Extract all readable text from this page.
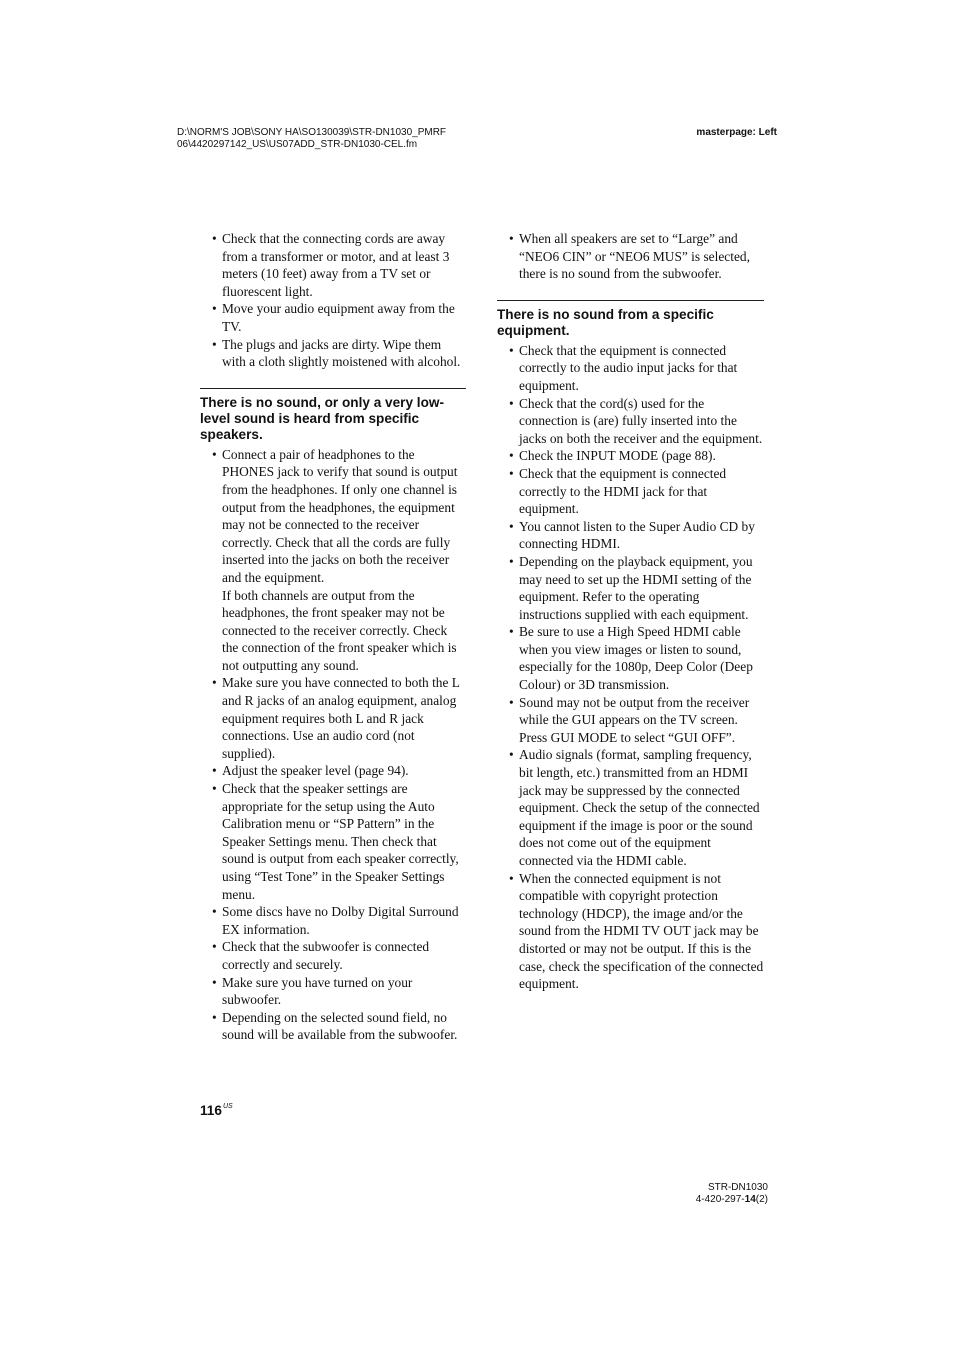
D:\NORM'S JOB\SONY HA\SO130039\STR-DN1030_PMRF
06\4420297142_US\US07ADD_STR-DN1030-CEL.fm
masterpage: Left
• Check that the connecting cords are away from a transformer or motor, and at least 3 meters (10 feet) away from a TV set or fluorescent light.
• Move your audio equipment away from the TV.
• The plugs and jacks are dirty. Wipe them with a cloth slightly moistened with alcohol.
There is no sound, or only a very low-level sound is heard from specific speakers.
• Connect a pair of headphones to the PHONES jack to verify that sound is output from the headphones. If only one channel is output from the headphones, the equipment may not be connected to the receiver correctly. Check that all the cords are fully inserted into the jacks on both the receiver and the equipment.
If both channels are output from the headphones, the front speaker may not be connected to the receiver correctly. Check the connection of the front speaker which is not outputting any sound.
• Make sure you have connected to both the L and R jacks of an analog equipment, analog equipment requires both L and R jack connections. Use an audio cord (not supplied).
• Adjust the speaker level (page 94).
• Check that the speaker settings are appropriate for the setup using the Auto Calibration menu or “SP Pattern” in the Speaker Settings menu. Then check that sound is output from each speaker correctly, using “Test Tone” in the Speaker Settings menu.
• Some discs have no Dolby Digital Surround EX information.
• Check that the subwoofer is connected correctly and securely.
• Make sure you have turned on your subwoofer.
• Depending on the selected sound field, no sound will be available from the subwoofer.
• When all speakers are set to “Large” and “NEO6 CIN” or “NEO6 MUS” is selected, there is no sound from the subwoofer.
There is no sound from a specific equipment.
• Check that the equipment is connected correctly to the audio input jacks for that equipment.
• Check that the cord(s) used for the connection is (are) fully inserted into the jacks on both the receiver and the equipment.
• Check the INPUT MODE (page 88).
• Check that the equipment is connected correctly to the HDMI jack for that equipment.
• You cannot listen to the Super Audio CD by connecting HDMI.
• Depending on the playback equipment, you may need to set up the HDMI setting of the equipment. Refer to the operating instructions supplied with each equipment.
• Be sure to use a High Speed HDMI cable when you view images or listen to sound, especially for the 1080p, Deep Color (Deep Colour) or 3D transmission.
• Sound may not be output from the receiver while the GUI appears on the TV screen. Press GUI MODE to select “GUI OFF”.
• Audio signals (format, sampling frequency, bit length, etc.) transmitted from an HDMI jack may be suppressed by the connected equipment. Check the setup of the connected equipment if the image is poor or the sound does not come out of the equipment connected via the HDMI cable.
• When the connected equipment is not compatible with copyright protection technology (HDCP), the image and/or the sound from the HDMI TV OUT jack may be distorted or may not be output. If this is the case, check the specification of the connected equipment.
$116^{US}$
STR-DN1030
4-420-297-14(2)
